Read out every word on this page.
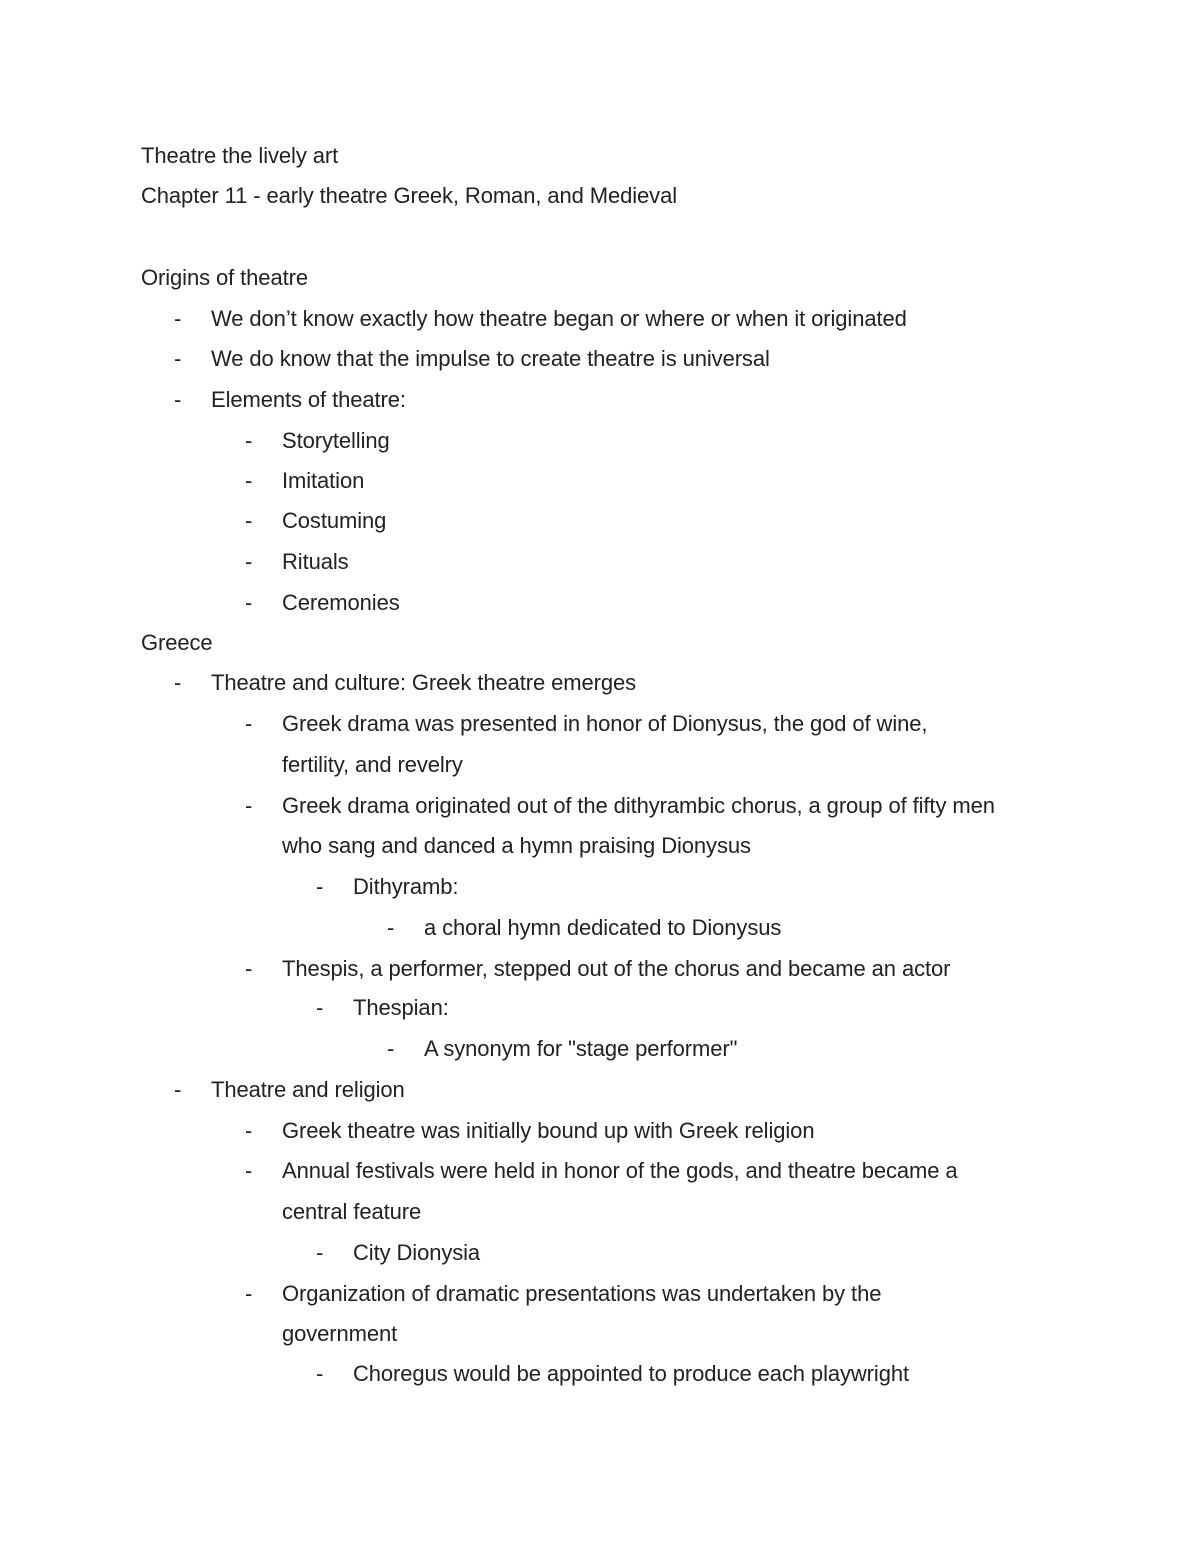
Theatre the lively art
Chapter 11 - early theatre Greek, Roman, and Medieval
Origins of theatre
- We don’t know exactly how theatre began or where or when it originated
- We do know that the impulse to create theatre is universal
- Elements of theatre:
- Storytelling
- Imitation
- Costuming
- Rituals
- Ceremonies
Greece
- Theatre and culture: Greek theatre emerges
- Greek drama was presented in honor of Dionysus, the god of wine,
fertility, and revelry
- Greek drama originated out of the dithyrambic chorus, a group of fifty men
who sang and danced a hymn praising Dionysus
- Dithyramb:
- a choral hymn dedicated to Dionysus
- Thespis, a performer, stepped out of the chorus and became an actor
- Thespian:
- A synonym for "stage performer"
- Theatre and religion
- Greek theatre was initially bound up with Greek religion
- Annual festivals were held in honor of the gods, and theatre became a
central feature
- City Dionysia
- Organization of dramatic presentations was undertaken by the
government
- Choregus would be appointed to produce each playwright
